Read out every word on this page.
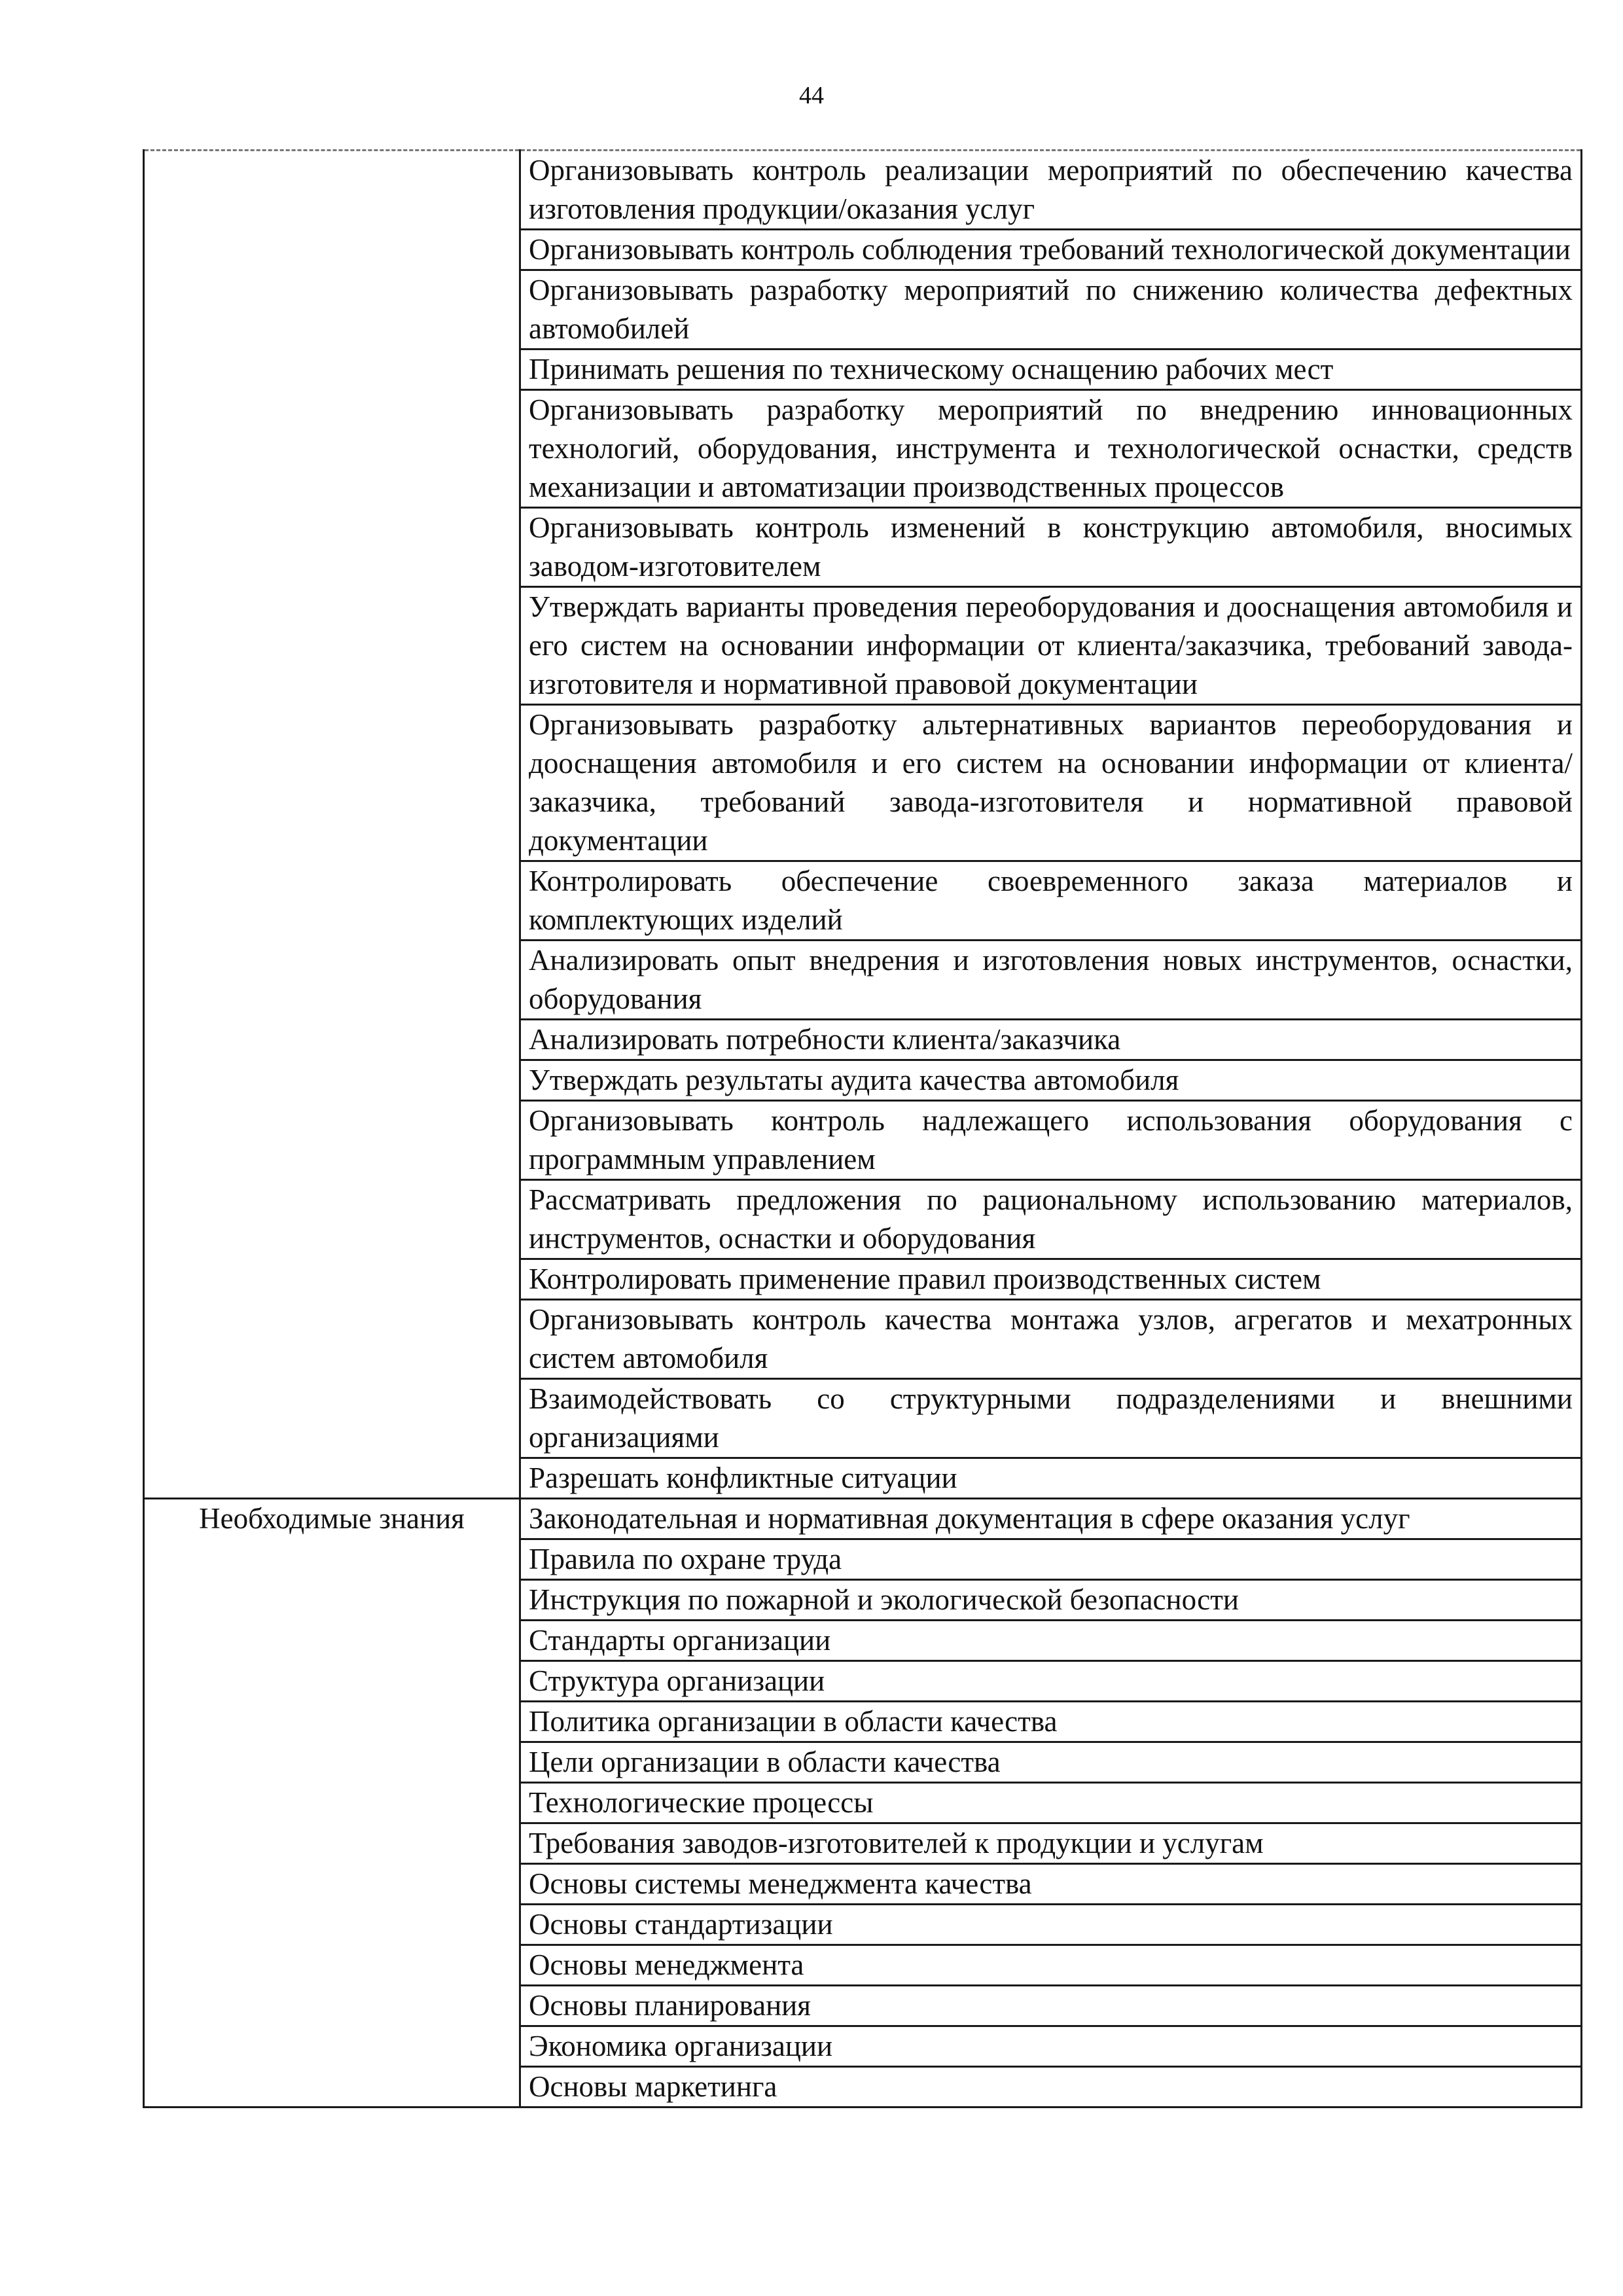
44
	Организовывать контроль реализации мероприятий по обеспечению качества изготовления продукции/оказания услуг
	Организовывать контроль соблюдения требований технологической документации
	Организовывать разработку мероприятий по снижению количества дефектных автомобилей
	Принимать решения по техническому оснащению рабочих мест
	Организовывать разработку мероприятий по внедрению инновационных технологий, оборудования, инструмента и технологической оснастки, средств механизации и автоматизации производственных процессов
	Организовывать контроль изменений в конструкцию автомобиля, вносимых заводом-изготовителем
	Утверждать варианты проведения переоборудования и дооснащения автомобиля и его систем на основании информации от клиента/заказчика, требований завода-изготовителя и нормативной правовой документации
	Организовывать разработку альтернативных вариантов переоборудования и дооснащения автомобиля и его систем на основании информации от клиента/заказчика, требований завода-изготовителя и нормативной правовой документации
	Контролировать обеспечение своевременного заказа материалов и комплектующих изделий
	Анализировать опыт внедрения и изготовления новых инструментов, оснастки, оборудования
	Анализировать потребности клиента/заказчика
	Утверждать результаты аудита качества автомобиля
	Организовывать контроль надлежащего использования оборудования с программным управлением
	Рассматривать предложения по рациональному использованию материалов, инструментов, оснастки и оборудования
	Контролировать применение правил производственных систем
	Организовывать контроль качества монтажа узлов, агрегатов и мехатронных систем автомобиля
	Взаимодействовать со структурными подразделениями и внешними организациями
	Разрешать конфликтные ситуации
Необходимые знания	Законодательная и нормативная документация в сфере оказания услуг
	Правила по охране труда
	Инструкция по пожарной и экологической безопасности
	Стандарты организации
	Структура организации
	Политика организации в области качества
	Цели организации в области качества
	Технологические процессы
	Требования заводов-изготовителей к продукции и услугам
	Основы системы менеджмента качества
	Основы стандартизации
	Основы менеджмента
	Основы планирования
	Экономика организации
	Основы маркетинга
